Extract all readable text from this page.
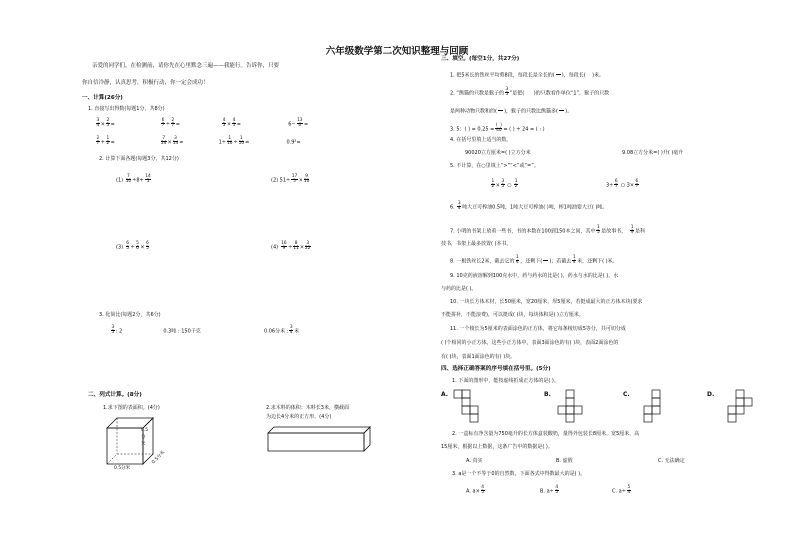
六年级数学第二次知识整理与回顾
亲爱的同学们，在检测前，请你先在心里默念三遍——我能行。告诉你，只要
你自信冷静，认真思考，积极行动，你一定会成功！
一、计算(26分)
1. 直接写出得数(每题1分，共8分)
$\frac{3}{4} \times \frac{2}{5}$ =	$\frac{6}{7} \div \frac{2}{7}$ =	$\frac{4}{5} \times \frac{4}{5}$ =	$6- \frac{13}{6}$ =
$\frac{2}{7} + \frac{1}{2}$ =	$\frac{7}{24} \times \frac{3}{14}$ =	$1\div \frac{1}{10} \div \frac{1}{10}$ =	0.9³=
2. 计算下面各题(每题3分，共12分)
$(1) \frac{7}{10} \div 8+ \frac{14}{5}$	(2) $51\div \frac{17}{5} \times \frac{9}{10}$
$(3) \frac{6}{5} \div \frac{5}{6} \times \frac{6}{5}$	$(4) \frac{16}{9} \div \frac{8}{11} \times \frac{3}{22}$
3. 化简比(每题2分，共6分)
$\frac{3}{5}$ : 2	0.3吨 : 150千克	0.06分米 : $\frac{3}{4}$ 米
二、列式计算。(8分)
1.求下图的表面积。(4分)	2.求木料的体积：木料长3米，横截面
为边长4分米的正方形。(4分)
0.5
分
米
0.5分米
0.5分米
三、填空。(每空1分，共27分)
1. 把5米长的铁丝平均剪8段，每段长是全长的(

)，每段长( )米。
2. “熊猫的只数是猴子的 $\frac{3}{5}$ ”是把( )的只数看作单位“1”，猴子的只数
是两种动物只数和的(

)，猴子的只数比熊猫多(

)。
3. 5：( ) = $0.25 = \frac{( )}{40}$ = ( ) ÷ 24 = ( : )
4. 在括号里填上适当的数。
90020立方厘米=( )立方分米	9.08立方分米=( )升( )毫升
5. 不计算，在○里填上“>”“<”或“=”。
$\frac{1}{2} \times \frac{3}{5}$ ○ $\frac{1}{2}$	$3\div \frac{6}{7}$ ○ $3\times \frac{6}{7}$
6. $\frac{3}{4}$ 吨大豆可榨油0.5吨，1吨大豆可榨油( )吨，榨1吨油要大豆( )吨。
7. 小明的书架上放着一些书，书的本数在100到150本之间，其中 $\frac{1}{5}$ 是故事书， $\frac{1}{9}$ 是科
技书，书架上最多放置( )本书。
8. 一根铁丝长2米，截去它的 $\frac{1}{4}$ ，还剩下(

)；若截去 $\frac{1}{4}$ 米，还剩下( )米。
9. 10克药液溶解到100克水中，药与药水的比是( )，药水与水的比是( )，水
与药的比是( )。
10. 一块长方体木材，长50厘米，宽20厘米，厚5厘米，若挺成最大的正方体木块(要求
不能拼补，不能浪费)，可以挺成( )块，每块体积是( )立方厘米。
11. 一个棱长为5厘米的表面涂色的正方体，将它每条棱切成5等分，共可切分成
( )个相同的小正方体，这些小正方体中，表面3面涂色的有( )块，表面2面涂色的
有( )块，表面1面涂色的有( )块。
四、选择正确答案的序号填在括号里。(5分)
1. 下面的图形中，能按虚线折成正方体的是( )。
A.	B.	C.	D.
2. 一盒标有净含量为750毫升的长方体盒装酸奶，量得外包装长8厘米，宽5厘米，高
15厘米，根据以上数据，这条广告中的数据是( )。
A. 真实	B. 虚假	C. 无法确定
3. a是一个不等于0的自然数，下面各式中得数最大的是( )。
A. $a\times \frac{4}{5}$	B. $a\div \frac{4}{5}$	C. $a\div \frac{5}{4}$
